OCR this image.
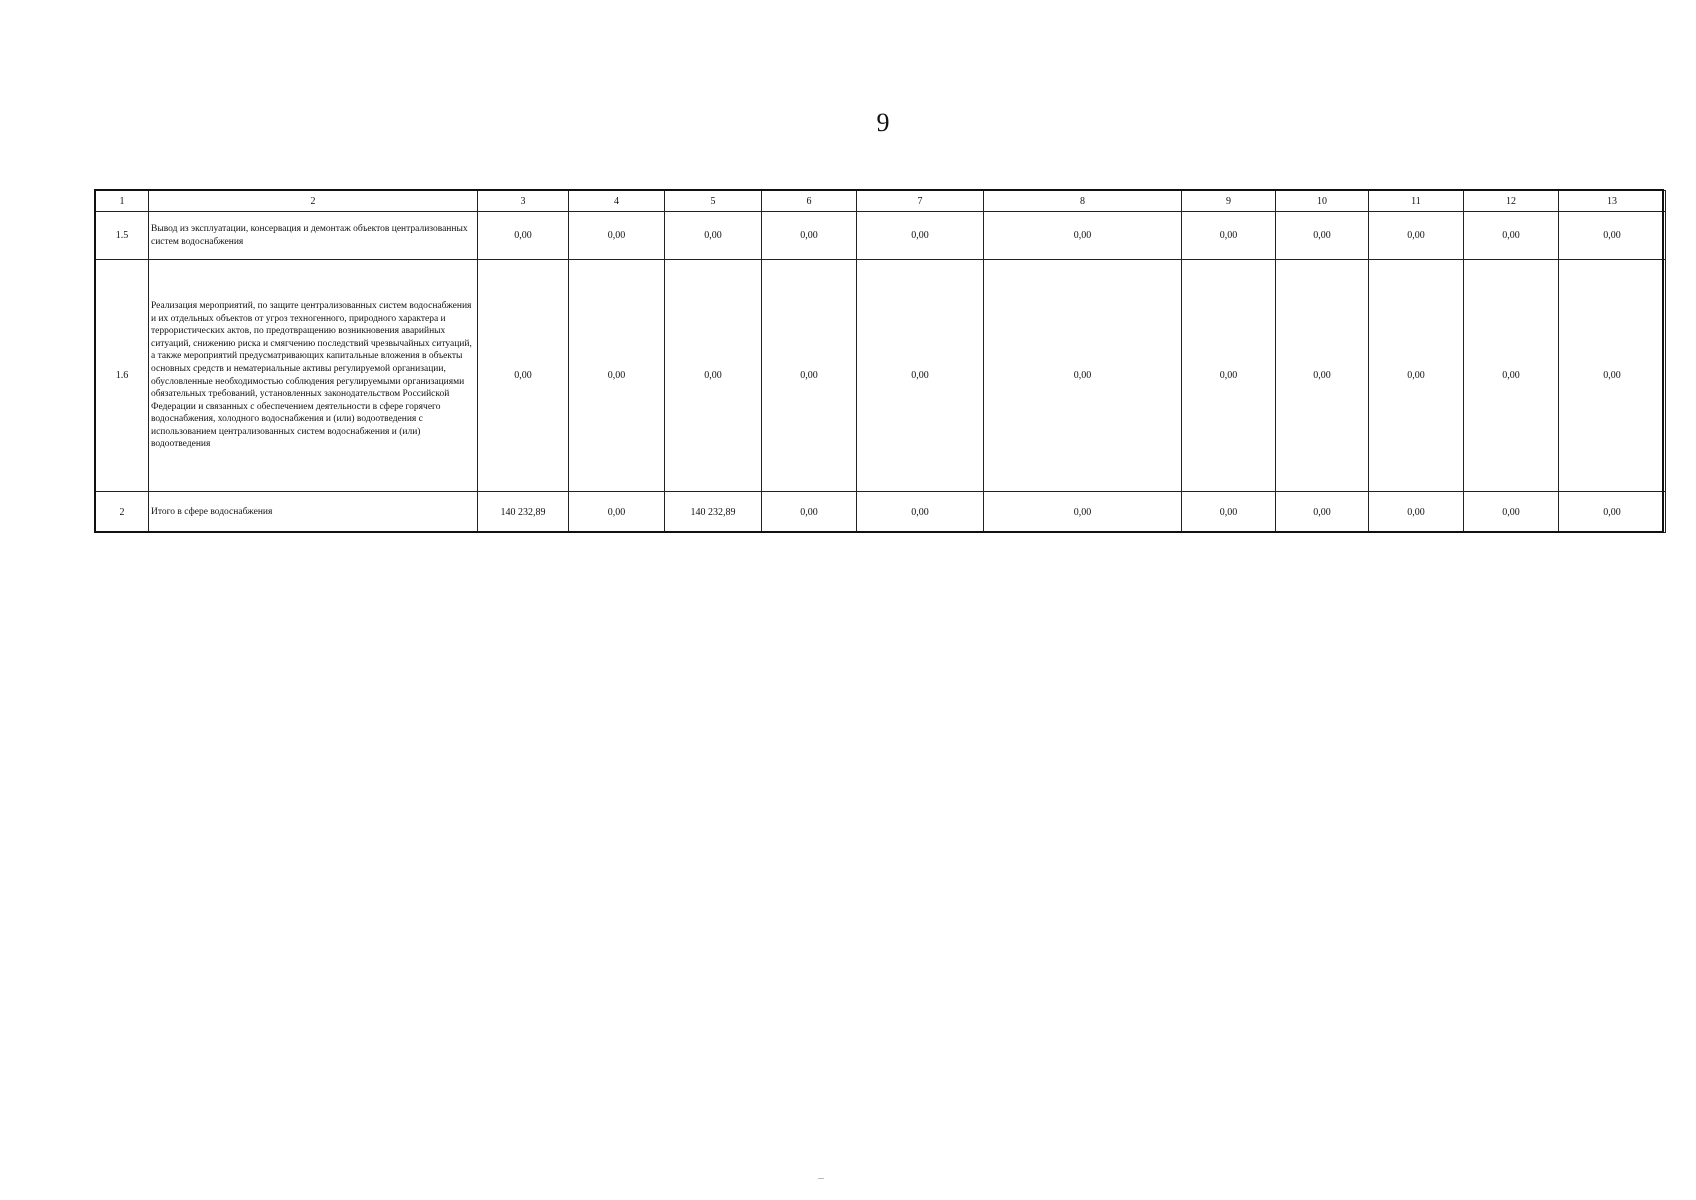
9
1	2	3	4	5	6	7	8	9	10	11	12	13
1.5	Вывод из эксплуатации, консервация и демонтаж объектов централизованных систем водоснабжения	0,00	0,00	0,00	0,00	0,00	0,00	0,00	0,00	0,00	0,00	0,00
1.6	Реализация мероприятий, по защите централизованных систем водоснабжения и их отдельных объектов от угроз техногенного, природного характера и террористических актов, по предотвращению возникновения аварийных ситуаций, снижению риска и смягчению последствий чрезвычайных ситуаций, а также мероприятий предусматривающих капитальные вложения в объекты основных средств и нематериальные активы регулируемой организации, обусловленные необходимостью соблюдения регулируемыми организациями обязательных требований, установленных законодательством Российской Федерации и связанных с обеспечением деятельности в сфере горячего водоснабжения, холодного водоснабжения и (или) водоотведения с использованием централизованных систем водоснабжения и (или) водоотведения	0,00	0,00	0,00	0,00	0,00	0,00	0,00	0,00	0,00	0,00	0,00
2	Итого в сфере водоснабжения	140 232,89	0,00	140 232,89	0,00	0,00	0,00	0,00	0,00	0,00	0,00	0,00
